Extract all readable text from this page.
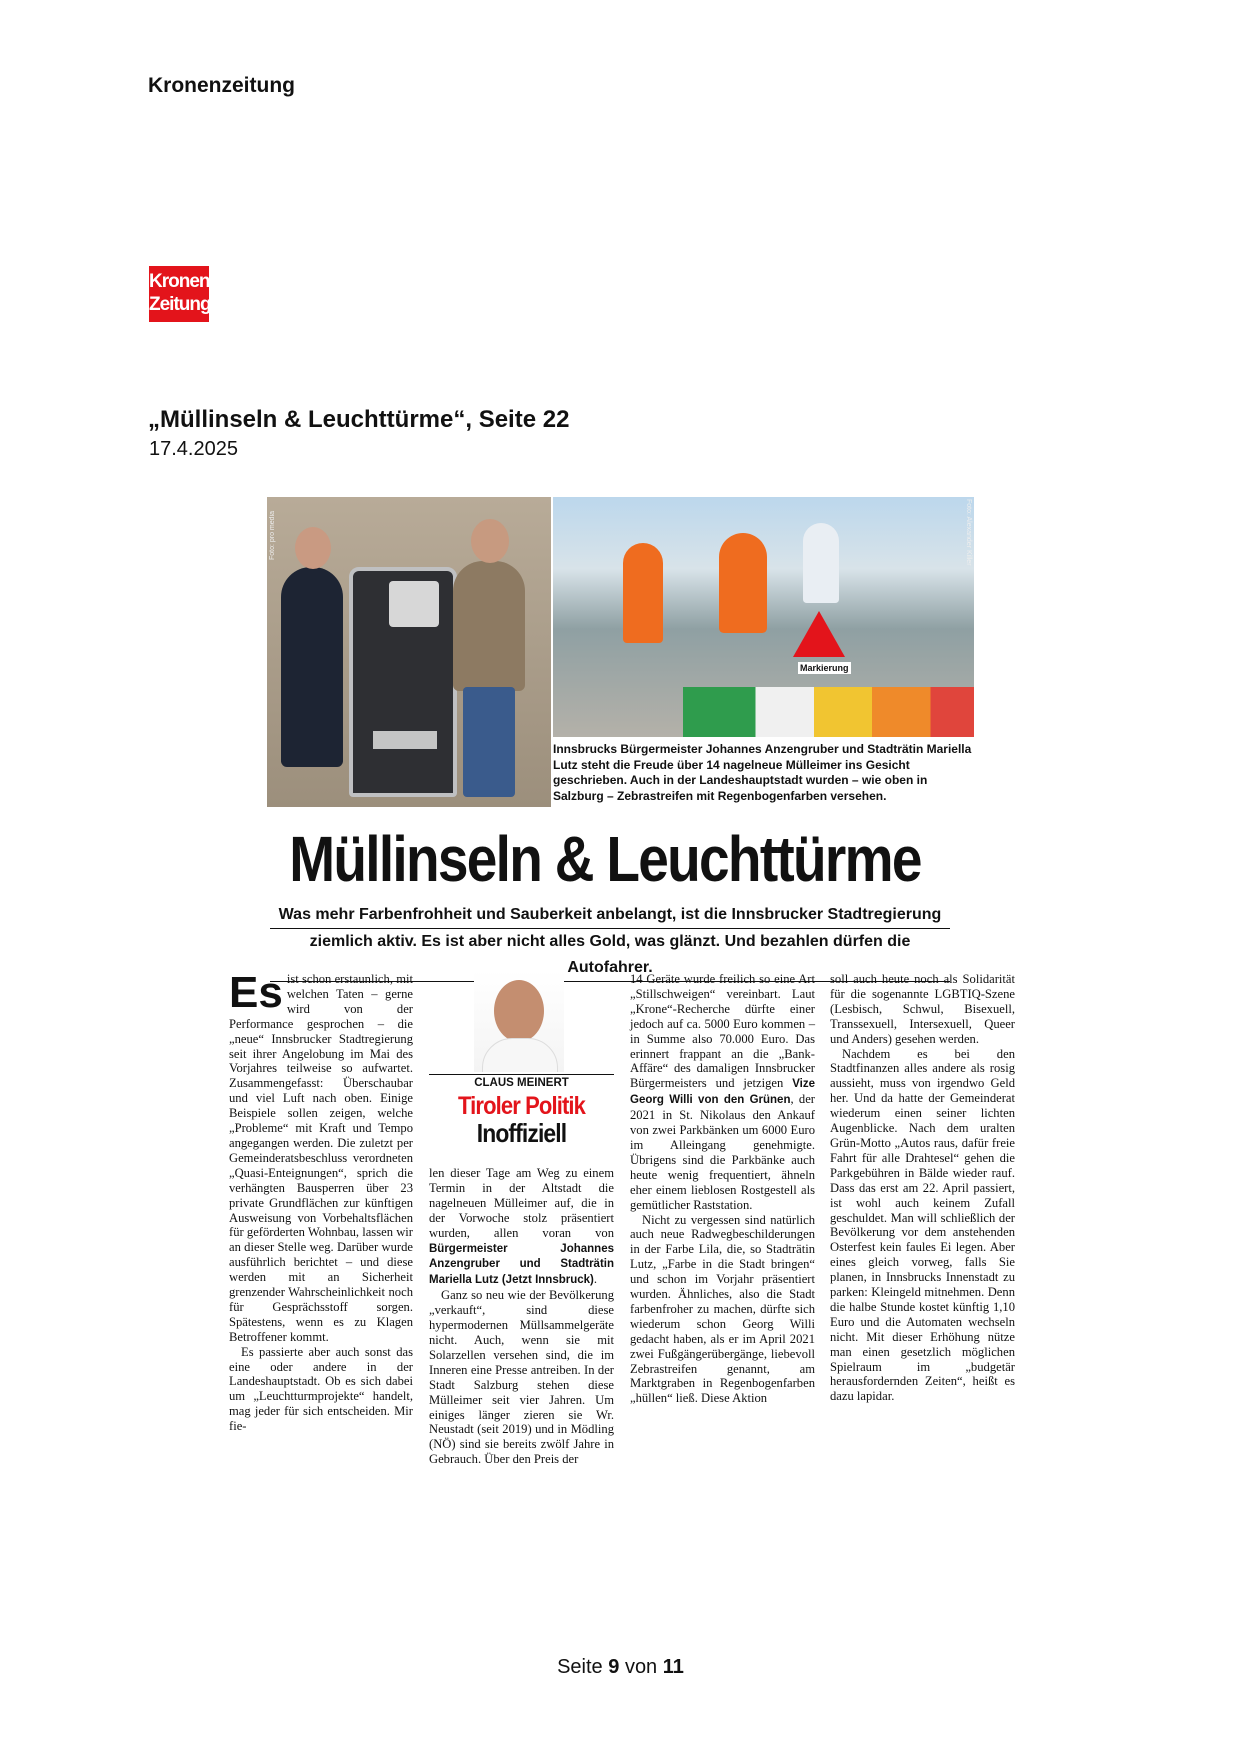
Kronenzeitung
Kronen
Zeitung
„Müllinseln & Leuchttürme“, Seite 22
17.4.2025
Foto: pro media	Foto: Alexander Killer
Markierung
Innsbrucks Bürgermeister Johannes Anzengruber und Stadträtin Mariella Lutz steht die Freude über 14 nagelneue Mülleimer ins Gesicht geschrieben. Auch in der Landeshauptstadt wurden – wie oben in Salzburg – Zebrastreifen mit Regenbogenfarben versehen.
Müllinseln & Leuchttürme
Was mehr Farbenfrohheit und Sauberkeit anbelangt, ist die Innsbrucker Stadtregierung
ziemlich aktiv. Es ist aber nicht alles Gold, was glänzt. Und bezahlen dürfen die Autofahrer.

Es ist schon erstaunlich, mit welchen Taten – gerne wird von der Performance gesprochen – die „neue“ Innsbrucker Stadtregierung seit ihrer Angelobung im Mai des Vorjahres teilweise so aufwartet. Zusammengefasst: Überschaubar und viel Luft nach oben. Einige Beispiele sollen zeigen, welche „Probleme“ mit Kraft und Tempo angegangen werden. Die zuletzt per Gemeinderatsbeschluss verordneten „Quasi-Enteignungen“, sprich die verhängten Bausperren über 23 private Grundflächen zur künftigen Ausweisung von Vorbehaltsflächen für geförderten Wohnbau, lassen wir an dieser Stelle weg. Darüber wurde ausführlich berichtet – und diese werden mit an Sicherheit grenzender Wahrscheinlichkeit noch für Gesprächsstoff sorgen. Spätestens, wenn es zu Klagen Betroffener kommt.

Es passierte aber auch sonst das eine oder andere in der Landeshauptstadt. Ob es sich dabei um „Leuchtturmprojekte“ handelt, mag jeder für sich entscheiden. Mir fie-

CLAUS MEINERT
Tiroler Politik
Inoffiziell

len dieser Tage am Weg zu einem Termin in der Altstadt die nagelneuen Mülleimer auf, die in der Vorwoche stolz präsentiert wurden, allen voran von Bürgermeister Johannes Anzengruber und Stadträtin Mariella Lutz (Jetzt Innsbruck).

Ganz so neu wie der Bevölkerung „verkauft“, sind diese hypermodernen Müllsammelgeräte nicht. Auch, wenn sie mit Solarzellen versehen sind, die im Inneren eine Presse antreiben. In der Stadt Salzburg stehen diese Mülleimer seit vier Jahren. Um einiges länger zieren sie Wr. Neustadt (seit 2019) und in Mödling (NÖ) sind sie bereits zwölf Jahre in Gebrauch. Über den Preis der

14 Geräte wurde freilich so eine Art „Stillschweigen“ vereinbart. Laut „Krone“-Recherche dürfte einer jedoch auf ca. 5000 Euro kommen – in Summe also 70.000 Euro. Das erinnert frappant an die „Bank-Affäre“ des damaligen Innsbrucker Bürgermeisters und jetzigen Vize Georg Willi von den Grünen, der 2021 in St. Nikolaus den Ankauf von zwei Parkbänken um 6000 Euro im Alleingang genehmigte. Übrigens sind die Parkbänke auch heute wenig frequentiert, ähneln eher einem lieblosen Rostgestell als gemütlicher Raststation.

Nicht zu vergessen sind natürlich auch neue Radwegbeschilderungen in der Farbe Lila, die, so Stadträtin Lutz, „Farbe in die Stadt bringen“ und schon im Vorjahr präsentiert wurden. Ähnliches, also die Stadt farbenfroher zu machen, dürfte sich wiederum schon Georg Willi gedacht haben, als er im April 2021 zwei Fußgängerübergänge, liebevoll Zebrastreifen genannt, am Marktgraben in Regenbogenfarben „hüllen“ ließ. Diese Aktion

soll auch heute noch als Solidarität für die sogenannte LGBTIQ-Szene (Lesbisch, Schwul, Bisexuell, Transsexuell, Intersexuell, Queer und Anders) gesehen werden.

Nachdem es bei den Stadtfinanzen alles andere als rosig aussieht, muss von irgendwo Geld her. Und da hatte der Gemeinderat wiederum einen seiner lichten Augenblicke. Nach dem uralten Grün-Motto „Autos raus, dafür freie Fahrt für alle Drahtesel“ gehen die Parkgebühren in Bälde wieder rauf. Dass das erst am 22. April passiert, ist wohl auch keinem Zufall geschuldet. Man will schließlich der Bevölkerung vor dem anstehenden Osterfest kein faules Ei legen. Aber eines gleich vorweg, falls Sie planen, in Innsbrucks Innenstadt zu parken: Kleingeld mitnehmen. Denn die halbe Stunde kostet künftig 1,10 Euro und die Automaten wechseln nicht. Mit dieser Erhöhung nütze man einen gesetzlich möglichen Spielraum im „budgetär herausfordernden Zeiten“, heißt es dazu lapidar.

Seite 9 von 11
